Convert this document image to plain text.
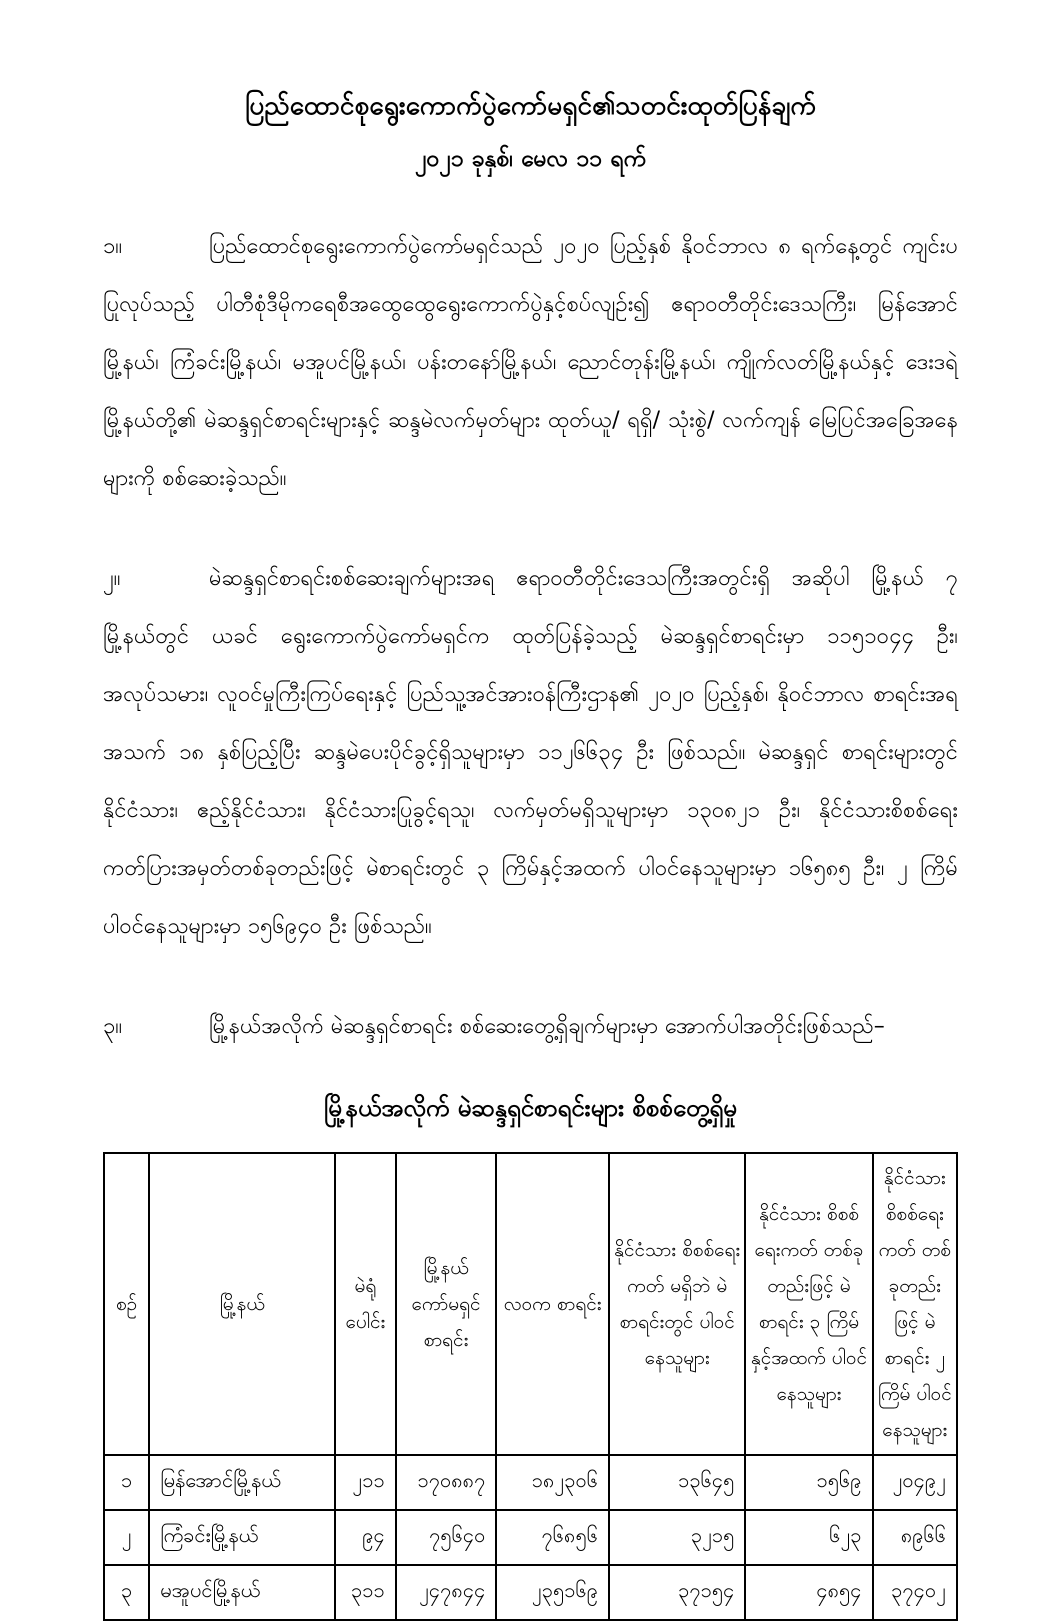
ပြည်ထောင်စုရွေးကောက်ပွဲကော်မရှင်၏သတင်းထုတ်ပြန်ချက်
၂၀၂၁ ခုနှစ်၊ မေလ ၁၁ ရက်
၁။	ပြည်ထောင်စုရွေးကောက်ပွဲကော်မရှင်သည် ၂၀၂၀ ပြည့်နှစ် နိုဝင်ဘာလ ၈ ရက်နေ့တွင် ကျင်းပပြုလုပ်သည့် ပါတီစုံဒီမိုကရေစီအထွေထွေရွေးကောက်ပွဲနှင့်စပ်လျဉ်း၍ ဧရာဝတီတိုင်းဒေသကြီး၊ မြန်အောင်မြို့နယ်၊ ကြံခင်းမြို့နယ်၊ မအူပင်မြို့နယ်၊ ပန်းတနော်မြို့နယ်၊ ညောင်တုန်းမြို့နယ်၊ ကျိုက်လတ်မြို့နယ်နှင့် ဒေးဒရဲမြို့နယ်တို့၏ မဲဆန္ဒရှင်စာရင်းများနှင့် ဆန္ဒမဲလက်မှတ်များ ထုတ်ယူ/ ရရှိ/ သုံးစွဲ/ လက်ကျန် မြေပြင်အခြေအနေများကို စစ်ဆေးခဲ့သည်။
၂။	မဲဆန္ဒရှင်စာရင်းစစ်ဆေးချက်များအရ ဧရာဝတီတိုင်းဒေသကြီးအတွင်းရှိ အဆိုပါ မြို့နယ် ၇ မြို့နယ်တွင် ယခင် ရွေးကောက်ပွဲကော်မရှင်က ထုတ်ပြန်ခဲ့သည့် မဲဆန္ဒရှင်စာရင်းမှာ ၁၁၅၁၀၄၄ ဦး၊ အလုပ်သမား၊ လူဝင်မှုကြီးကြပ်ရေးနှင့် ပြည်သူ့အင်အားဝန်ကြီးဌာန၏ ၂၀၂၀ ပြည့်နှစ်၊ နိုဝင်ဘာလ စာရင်းအရ အသက် ၁၈ နှစ်ပြည့်ပြီး ဆန္ဒမဲပေးပိုင်ခွင့်ရှိသူများမှာ ၁၁၂၆၆၃၄ ဦး ဖြစ်သည်။ မဲဆန္ဒရှင် စာရင်းများတွင် နိုင်ငံသား၊ ဧည့်နိုင်ငံသား၊ နိုင်ငံသားပြုခွင့်ရသူ၊ လက်မှတ်မရှိသူများမှာ ၁၃၀၈၂၁ ဦး၊ နိုင်ငံသားစိစစ်ရေးကတ်ပြားအမှတ်တစ်ခုတည်းဖြင့် မဲစာရင်းတွင် ၃ ကြိမ်နှင့်အထက် ပါဝင်နေသူများမှာ ၁၆၅၈၅ ဦး၊ ၂ ကြိမ် ပါဝင်နေသူများမှာ ၁၅၆၉၄၀ ဦး ဖြစ်သည်။
၃။	မြို့နယ်အလိုက် မဲဆန္ဒရှင်စာရင်း စစ်ဆေးတွေ့ရှိချက်များမှာ အောက်ပါအတိုင်းဖြစ်သည်–
မြို့နယ်အလိုက် မဲဆန္ဒရှင်စာရင်းများ စိစစ်တွေ့ရှိမှု
စဉ်	မြို့နယ်	မဲရုံ ပေါင်း	မြို့နယ် ကော်မရှင် စာရင်း	လဝက စာရင်း	နိုင်ငံသား စိစစ်ရေးကတ် မရှိဘဲ မဲစာရင်းတွင် ပါဝင်နေသူများ	နိုင်ငံသား စိစစ်ရေးကတ် တစ်ခုတည်းဖြင့် မဲစာရင်း ၃ ကြိမ် နှင့်အထက် ပါဝင်နေသူများ	နိုင်ငံသား စိစစ်ရေးကတ် တစ်ခုတည်းဖြင့် မဲစာရင်း ၂ ကြိမ် ပါဝင်နေသူများ
၁	မြန်အောင်မြို့နယ်	၂၁၁	၁၇၀၈၈၇	၁၈၂၃၀၆	၁၃၆၄၅	၁၅၆၉	၂၀၄၉၂
၂	ကြံခင်းမြို့နယ်	၉၄	၇၅၆၄၀	၇၆၈၅၆	၃၂၁၅	၆၂၃	၈၉၆၆
၃	မအူပင်မြို့နယ်	၃၁၁	၂၄၇၈၄၄	၂၃၅၁၆၉	၃၇၁၅၄	၄၈၅၄	၃၇၄၀၂
